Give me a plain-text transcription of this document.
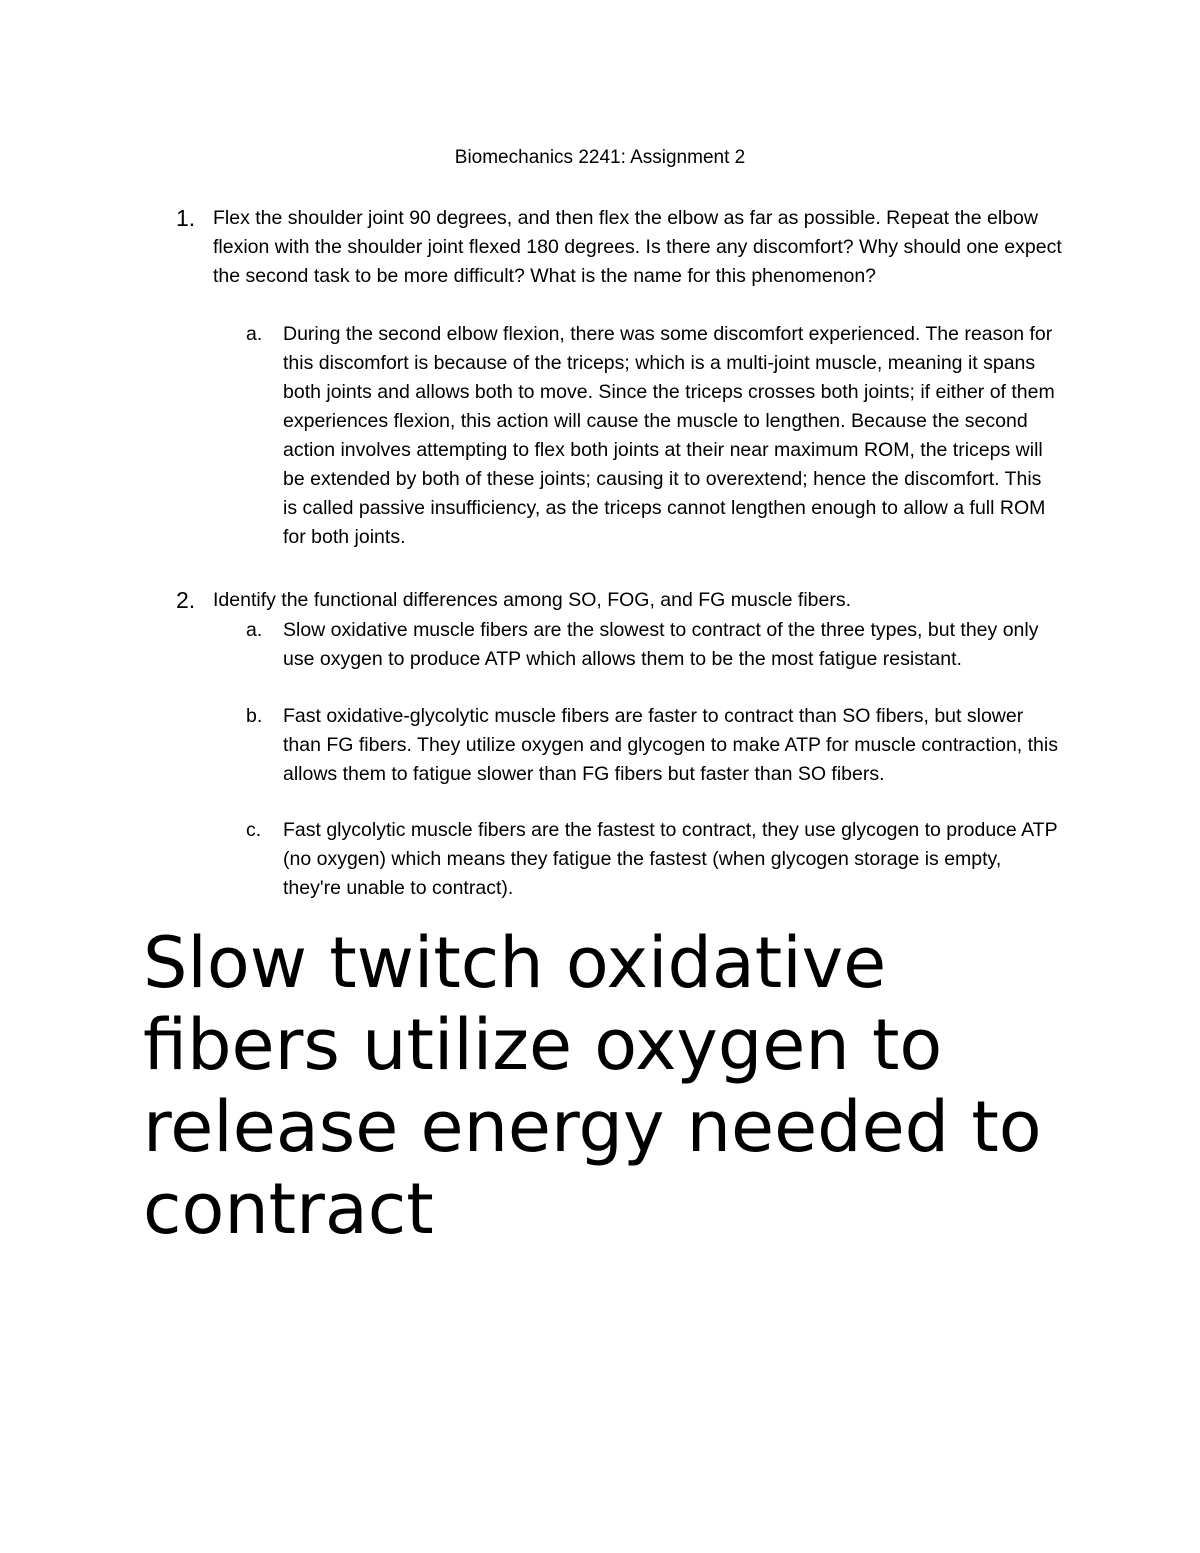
Biomechanics 2241: Assignment 2
1. Flex the shoulder joint 90 degrees, and then flex the elbow as far as possible. Repeat the elbow flexion with the shoulder joint flexed 180 degrees. Is there any discomfort? Why should one expect the second task to be more difficult? What is the name for this phenomenon?
a. During the second elbow flexion, there was some discomfort experienced. The reason for this discomfort is because of the triceps; which is a multi-joint muscle, meaning it spans both joints and allows both to move. Since the triceps crosses both joints; if either of them experiences flexion, this action will cause the muscle to lengthen. Because the second action involves attempting to flex both joints at their near maximum ROM, the triceps will be extended by both of these joints; causing it to overextend; hence the discomfort. This is called passive insufficiency, as the triceps cannot lengthen enough to allow a full ROM for both joints.
2. Identify the functional differences among SO, FOG, and FG muscle fibers.
a. Slow oxidative muscle fibers are the slowest to contract of the three types, but they only use oxygen to produce ATP which allows them to be the most fatigue resistant.
b. Fast oxidative-glycolytic muscle fibers are faster to contract than SO fibers, but slower than FG fibers. They utilize oxygen and glycogen to make ATP for muscle contraction, this allows them to fatigue slower than FG fibers but faster than SO fibers.
c. Fast glycolytic muscle fibers are the fastest to contract, they use glycogen to produce ATP (no oxygen) which means they fatigue the fastest (when glycogen storage is empty, they're unable to contract).
Slow twitch oxidative fibers utilize oxygen to release energy needed to contract
